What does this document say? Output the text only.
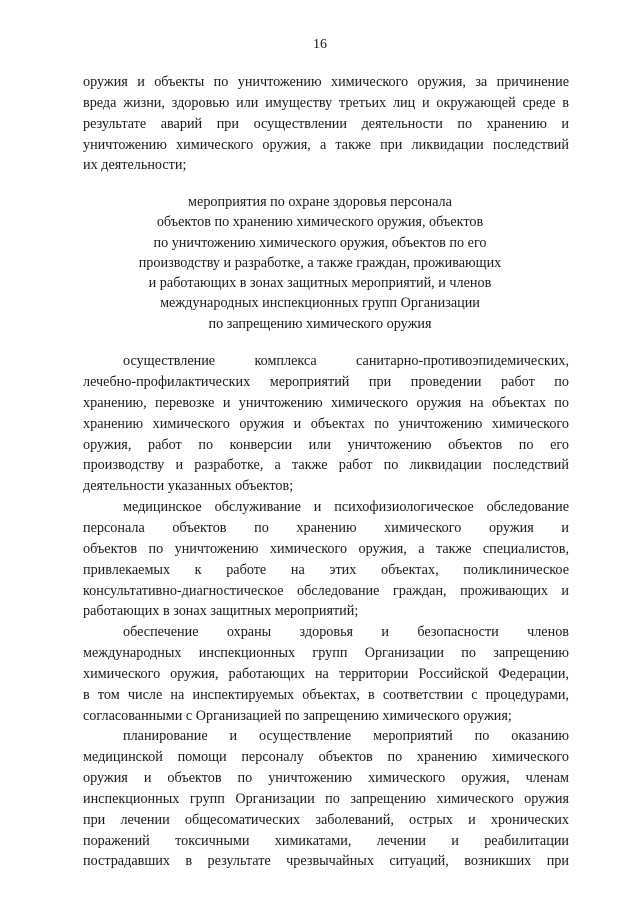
16
оружия и объекты по уничтожению химического оружия, за причинение
вреда жизни, здоровью или имуществу третьих лиц и окружающей среде в
результате аварий при осуществлении деятельности по хранению и
уничтожению химического оружия, а также при ликвидации последствий
их деятельности;
мероприятия по охране здоровья персонала
объектов по хранению химического оружия, объектов
по уничтожению химического оружия, объектов по его
производству и разработке, а также граждан, проживающих
и работающих в зонах защитных мероприятий, и членов
международных инспекционных групп Организации
по запрещению химического оружия
осуществление комплекса санитарно-противоэпидемических,
лечебно-профилактических мероприятий при проведении работ по
хранению, перевозке и уничтожению химического оружия на объектах по
хранению химического оружия и объектах по уничтожению химического
оружия, работ по конверсии или уничтожению объектов по его
производству и разработке, а также работ по ликвидации последствий
деятельности указанных объектов;
медицинское обслуживание и психофизиологическое обследование
персонала объектов по хранению химического оружия и
объектов по уничтожению химического оружия, а также специалистов,
привлекаемых к работе на этих объектах, поликлиническое
консультативно-диагностическое обследование граждан, проживающих и
работающих в зонах защитных мероприятий;
обеспечение охраны здоровья и безопасности членов
международных инспекционных групп Организации по запрещению
химического оружия, работающих на территории Российской Федерации,
в том числе на инспектируемых объектах, в соответствии с процедурами,
согласованными с Организацией по запрещению химического оружия;
планирование и осуществление мероприятий по оказанию
медицинской помощи персоналу объектов по хранению химического
оружия и объектов по уничтожению химического оружия, членам
инспекционных групп Организации по запрещению химического оружия
при лечении общесоматических заболеваний, острых и хронических
поражений токсичными химикатами, лечении и реабилитации
пострадавших в результате чрезвычайных ситуаций, возникших при
